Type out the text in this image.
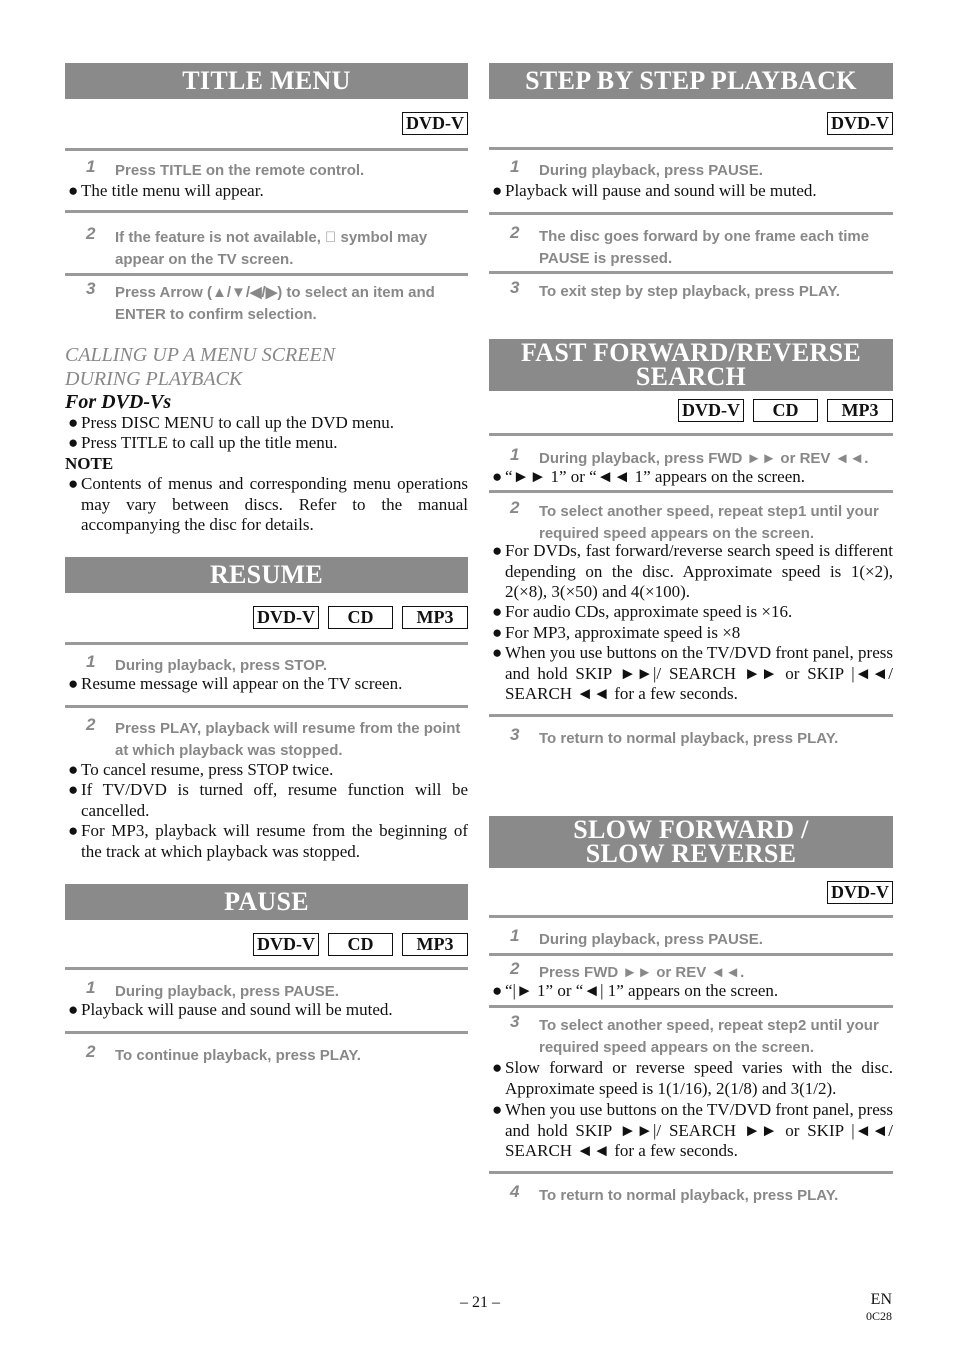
TITLE MENU
DVD-V
1 Press TITLE on the remote control.
● The title menu will appear.
2 If the feature is not available, ⃠ symbol may appear on the TV screen.
3 Press Arrow (▲/▼/◀/▶) to select an item and ENTER to confirm selection.
CALLING UP A MENU SCREEN
DURING PLAYBACK
For DVD-Vs
● Press DISC MENU to call up the DVD menu.
● Press TITLE to call up the title menu.
NOTE
● Contents of menus and corresponding menu operations may vary between discs. Refer to the manual accompanying the disc for details.
RESUME
DVD-V	CD	MP3
1 During playback, press STOP.
● Resume message will appear on the TV screen.
2 Press PLAY, playback will resume from the point at which playback was stopped.
● To cancel resume, press STOP twice.
● If TV/DVD is turned off, resume function will be cancelled.
● For MP3, playback will resume from the beginning of the track at which playback was stopped.
PAUSE
DVD-V	CD	MP3
1 During playback, press PAUSE.
● Playback will pause and sound will be muted.
2 To continue playback, press PLAY.
STEP BY STEP PLAYBACK
DVD-V
1 During playback, press PAUSE.
● Playback will pause and sound will be muted.
2 The disc goes forward by one frame each time PAUSE is pressed.
3 To exit step by step playback, press PLAY.
FAST FORWARD/REVERSE
SEARCH
DVD-V	CD	MP3
1 During playback, press FWD ►► or REV ◄◄.
● “►► 1” or “◄◄ 1” appears on the screen.
2 To select another speed, repeat step1 until your required speed appears on the screen.
● For DVDs, fast forward/reverse search speed is different depending on the disc. Approximate speed is 1(×2), 2(×8), 3(×50) and 4(×100).
● For audio CDs, approximate speed is ×16.
● For MP3, approximate speed is ×8
● When you use buttons on the TV/DVD front panel, press and hold SKIP ►►|/ SEARCH ►► or SKIP |◄◄/ SEARCH ◄◄ for a few seconds.
3 To return to normal playback, press PLAY.
SLOW FORWARD /
SLOW REVERSE
DVD-V
1 During playback, press PAUSE.
2 Press FWD ►► or REV ◄◄.
● “|► 1” or “◄| 1” appears on the screen.
3 To select another speed, repeat step2 until your required speed appears on the screen.
● Slow forward or reverse speed varies with the disc. Approximate speed is 1(1/16), 2(1/8) and 3(1/2).
● When you use buttons on the TV/DVD front panel, press and hold SKIP ►►|/ SEARCH ►► or SKIP |◄◄/ SEARCH ◄◄ for a few seconds.
4 To return to normal playback, press PLAY.
– 21 –	EN
0C28
